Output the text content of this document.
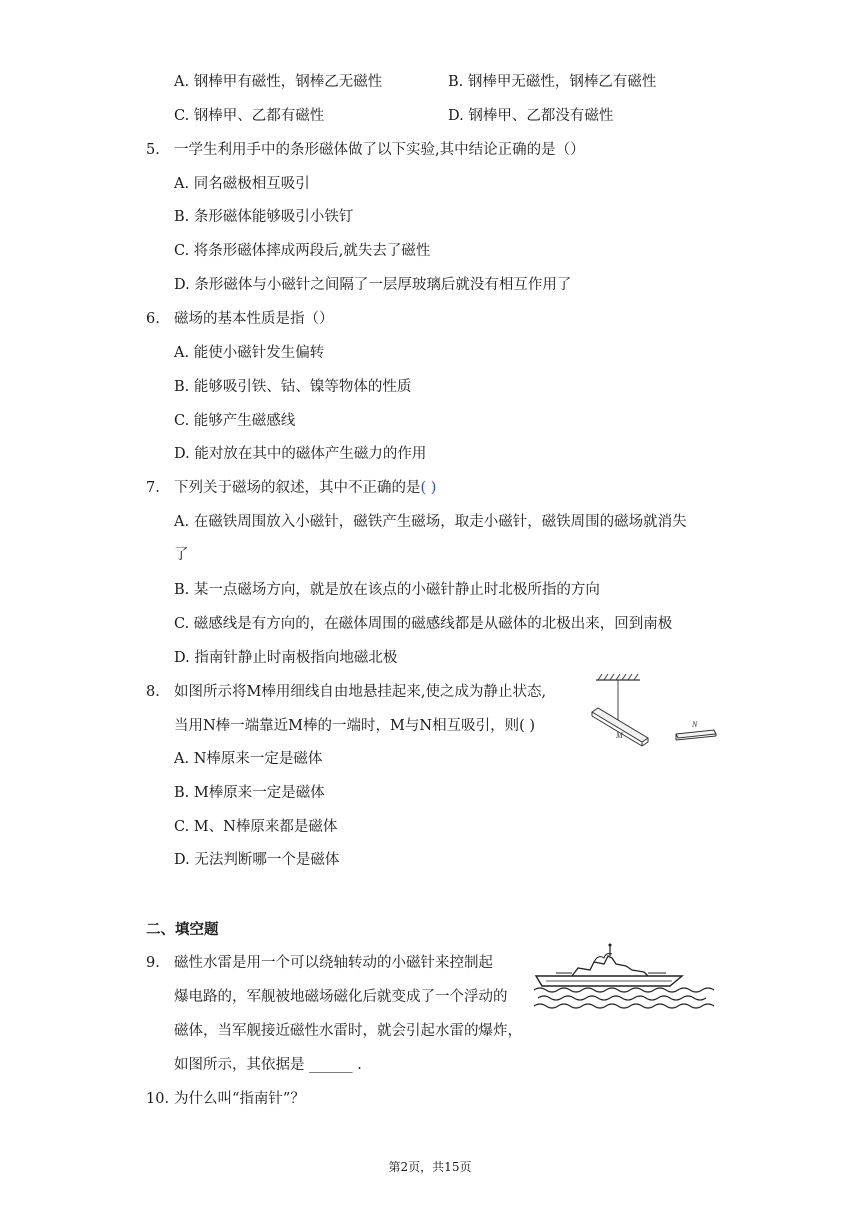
A. 钢棒甲有磁性，钢棒乙无磁性	B. 钢棒甲无磁性，钢棒乙有磁性
C. 钢棒甲、乙都有磁性	D. 钢棒甲、乙都没有磁性
5. 一学生利用手中的条形磁体做了以下实验,其中结论正确的是（）
A. 同名磁极相互吸引
B. 条形磁体能够吸引小铁钉
C. 将条形磁体摔成两段后,就失去了磁性
D. 条形磁体与小磁针之间隔了一层厚玻璃后就没有相互作用了
6. 磁场的基本性质是指（）
A. 能使小磁针发生偏转
B. 能够吸引铁、钴、镍等物体的性质
C. 能够产生磁感线
D. 能对放在其中的磁体产生磁力的作用
7. 下列关于磁场的叙述，其中不正确的是( )
A. 在磁铁周围放入小磁针，磁铁产生磁场，取走小磁针，磁铁周围的磁场就消失
了
B. 某一点磁场方向，就是放在该点的小磁针静止时北极所指的方向
C. 磁感线是有方向的，在磁体周围的磁感线都是从磁体的北极出来，回到南极
D. 指南针静止时南极指向地磁北极
8. 如图所示将M棒用细线自由地悬挂起来,使之成为静止状态,
当用N棒一端靠近M棒的一端时，M与N相互吸引，则( )
A. N棒原来一定是磁体
B. M棒原来一定是磁体
C. M、N棒原来都是磁体
D. 无法判断哪一个是磁体
M
N
二、填空题
9. 磁性水雷是用一个可以绕轴转动的小磁针来控制起
爆电路的，军舰被地磁场磁化后就变成了一个浮动的
磁体，当军舰接近磁性水雷时，就会引起水雷的爆炸，
如图所示，其依据是 ______ .
10. 为什么叫“指南针”？
第2页，共15页
